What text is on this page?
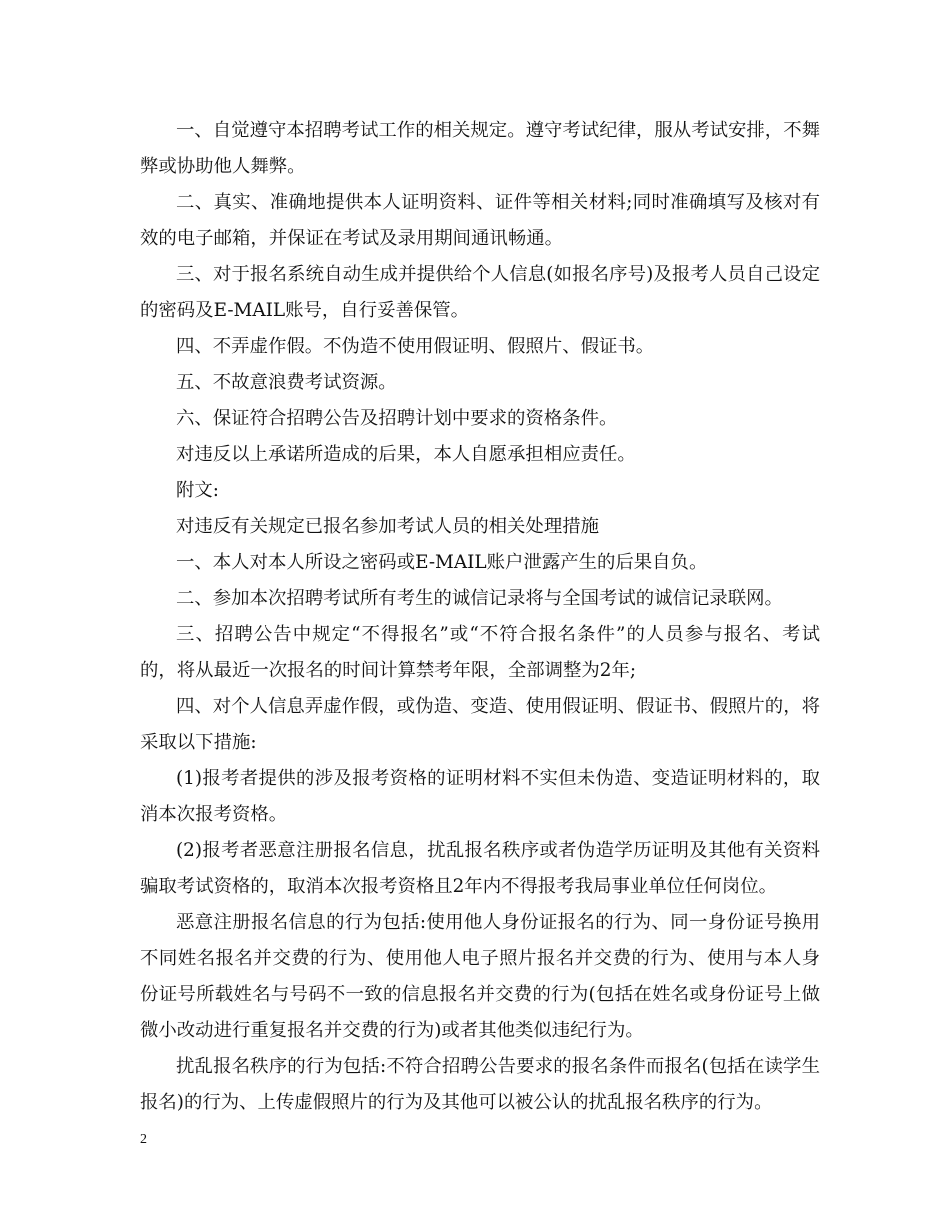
一、自觉遵守本招聘考试工作的相关规定。遵守考试纪律，服从考试安排，不舞弊或协助他人舞弊。

二、真实、准确地提供本人证明资料、证件等相关材料;同时准确填写及核对有效的电子邮箱，并保证在考试及录用期间通讯畅通。

三、对于报名系统自动生成并提供给个人信息(如报名序号)及报考人员自己设定的密码及E-MAIL账号，自行妥善保管。

四、不弄虚作假。不伪造不使用假证明、假照片、假证书。

五、不故意浪费考试资源。

六、保证符合招聘公告及招聘计划中要求的资格条件。

对违反以上承诺所造成的后果，本人自愿承担相应责任。

附文:

对违反有关规定已报名参加考试人员的相关处理措施

一、本人对本人所设之密码或E-MAIL账户泄露产生的后果自负。

二、参加本次招聘考试所有考生的诚信记录将与全国考试的诚信记录联网。

三、招聘公告中规定“不得报名”或“不符合报名条件”的人员参与报名、考试的，将从最近一次报名的时间计算禁考年限，全部调整为2年;

四、对个人信息弄虚作假，或伪造、变造、使用假证明、假证书、假照片的，将采取以下措施:

(1)报考者提供的涉及报考资格的证明材料不实但未伪造、变造证明材料的，取消本次报考资格。

(2)报考者恶意注册报名信息，扰乱报名秩序或者伪造学历证明及其他有关资料骗取考试资格的，取消本次报考资格且2年内不得报考我局事业单位任何岗位。

恶意注册报名信息的行为包括:使用他人身份证报名的行为、同一身份证号换用不同姓名报名并交费的行为、使用他人电子照片报名并交费的行为、使用与本人身份证号所载姓名与号码不一致的信息报名并交费的行为(包括在姓名或身份证号上做微小改动进行重复报名并交费的行为)或者其他类似违纪行为。

扰乱报名秩序的行为包括:不符合招聘公告要求的报名条件而报名(包括在读学生报名)的行为、上传虚假照片的行为及其他可以被公认的扰乱报名秩序的行为。

2
